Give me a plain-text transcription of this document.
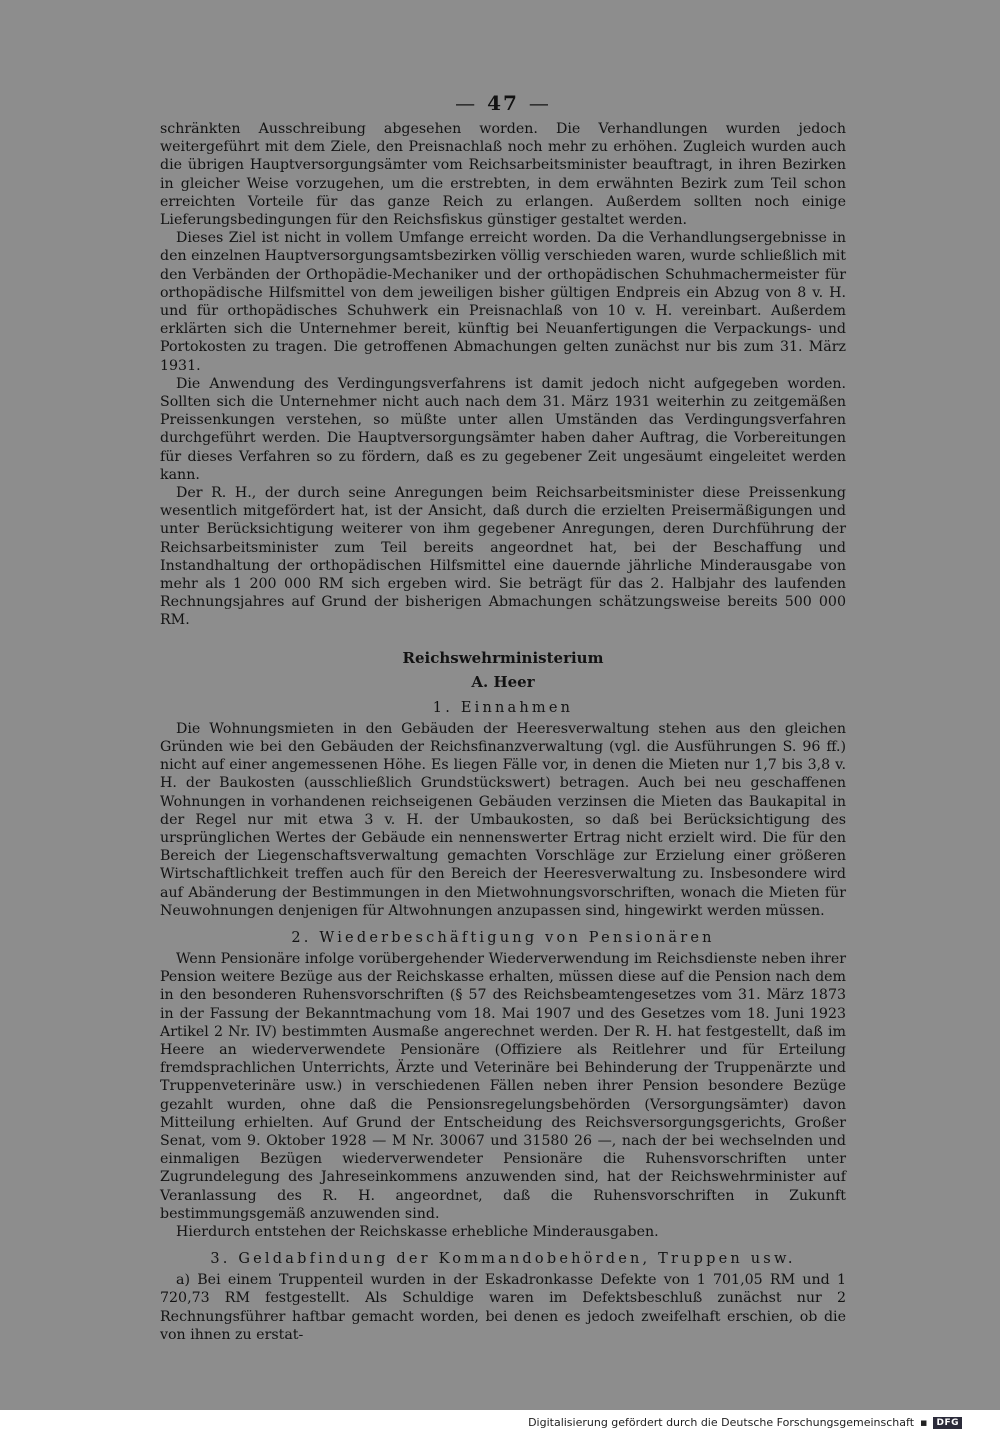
— 47 —

schränkten Ausschreibung abgesehen worden. Die Verhandlungen wurden jedoch weitergeführt mit dem Ziele, den Preisnachlaß noch mehr zu erhöhen. Zugleich wurden auch die übrigen Hauptversorgungsämter vom Reichsarbeitsminister beauftragt, in ihren Bezirken in gleicher Weise vorzugehen, um die erstrebten, in dem erwähnten Bezirk zum Teil schon erreichten Vorteile für das ganze Reich zu erlangen. Außerdem sollten noch einige Lieferungsbedingungen für den Reichsfiskus günstiger gestaltet werden.

Dieses Ziel ist nicht in vollem Umfange erreicht worden. Da die Verhandlungsergebnisse in den einzelnen Hauptversorgungsamtsbezirken völlig verschieden waren, wurde schließlich mit den Verbänden der Orthopädie-Mechaniker und der orthopädischen Schuhmachermeister für orthopädische Hilfsmittel von dem jeweiligen bisher gültigen Endpreis ein Abzug von 8 v. H. und für orthopädisches Schuhwerk ein Preisnachlaß von 10 v. H. vereinbart. Außerdem erklärten sich die Unternehmer bereit, künftig bei Neuanfertigungen die Verpackungs- und Portokosten zu tragen. Die getroffenen Abmachungen gelten zunächst nur bis zum 31. März 1931.

Die Anwendung des Verdingungsverfahrens ist damit jedoch nicht aufgegeben worden. Sollten sich die Unternehmer nicht auch nach dem 31. März 1931 weiterhin zu zeitgemäßen Preissenkungen verstehen, so müßte unter allen Umständen das Verdingungsverfahren durchgeführt werden. Die Hauptversorgungsämter haben daher Auftrag, die Vorbereitungen für dieses Verfahren so zu fördern, daß es zu gegebener Zeit ungesäumt eingeleitet werden kann.

Der R. H., der durch seine Anregungen beim Reichsarbeitsminister diese Preissenkung wesentlich mitgefördert hat, ist der Ansicht, daß durch die erzielten Preisermäßigungen und unter Berücksichtigung weiterer von ihm gegebener Anregungen, deren Durchführung der Reichsarbeitsminister zum Teil bereits angeordnet hat, bei der Beschaffung und Instandhaltung der orthopädischen Hilfsmittel eine dauernde jährliche Minderausgabe von mehr als 1 200 000 RM sich ergeben wird. Sie beträgt für das 2. Halbjahr des laufenden Rechnungsjahres auf Grund der bisherigen Abmachungen schätzungsweise bereits 500 000 RM.

Reichswehrministerium
A. Heer
1. Einnahmen

Die Wohnungsmieten in den Gebäuden der Heeresverwaltung stehen aus den gleichen Gründen wie bei den Gebäuden der Reichsfinanzverwaltung (vgl. die Ausführungen S. 96 ff.) nicht auf einer angemessenen Höhe. Es liegen Fälle vor, in denen die Mieten nur 1,7 bis 3,8 v. H. der Baukosten (ausschließlich Grundstückswert) betragen. Auch bei neu geschaffenen Wohnungen in vorhandenen reichseigenen Gebäuden verzinsen die Mieten das Baukapital in der Regel nur mit etwa 3 v. H. der Umbaukosten, so daß bei Berücksichtigung des ursprünglichen Wertes der Gebäude ein nennenswerter Ertrag nicht erzielt wird. Die für den Bereich der Liegenschaftsverwaltung gemachten Vorschläge zur Erzielung einer größeren Wirtschaftlichkeit treffen auch für den Bereich der Heeresverwaltung zu. Insbesondere wird auf Abänderung der Bestimmungen in den Mietwohnungsvorschriften, wonach die Mieten für Neuwohnungen denjenigen für Altwohnungen anzupassen sind, hingewirkt werden müssen.

2. Wiederbeschäftigung von Pensionären

Wenn Pensionäre infolge vorübergehender Wiederverwendung im Reichsdienste neben ihrer Pension weitere Bezüge aus der Reichskasse erhalten, müssen diese auf die Pension nach dem in den besonderen Ruhensvorschriften (§ 57 des Reichsbeamtengesetzes vom 31. März 1873 in der Fassung der Bekanntmachung vom 18. Mai 1907 und des Gesetzes vom 18. Juni 1923 Artikel 2 Nr. IV) bestimmten Ausmaße angerechnet werden. Der R. H. hat festgestellt, daß im Heere an wiederverwendete Pensionäre (Offiziere als Reitlehrer und für Erteilung fremdsprachlichen Unterrichts, Ärzte und Veterinäre bei Behinderung der Truppenärzte und Truppenveterinäre usw.) in verschiedenen Fällen neben ihrer Pension besondere Bezüge gezahlt wurden, ohne daß die Pensionsregelungsbehörden (Versorgungsämter) davon Mitteilung erhielten. Auf Grund der Entscheidung des Reichsversorgungsgerichts, Großer Senat, vom 9. Oktober 1928 — M Nr. 30067 und 31580 26 —, nach der bei wechselnden und einmaligen Bezügen wiederverwendeter Pensionäre die Ruhensvorschriften unter Zugrundelegung des Jahreseinkommens anzuwenden sind, hat der Reichswehrminister auf Veranlassung des R. H. angeordnet, daß die Ruhensvorschriften in Zukunft bestimmungsgemäß anzuwenden sind.

Hierdurch entstehen der Reichskasse erhebliche Minderausgaben.

3. Geldabfindung der Kommandobehörden, Truppen usw.

a) Bei einem Truppenteil wurden in der Eskadronkasse Defekte von 1 701,05 RM und 1 720,73 RM festgestellt. Als Schuldige waren im Defektsbeschluß zunächst nur 2 Rechnungsführer haftbar gemacht worden, bei denen es jedoch zweifelhaft erschien, ob die von ihnen zu erstat-

Digitalisierung gefördert durch die Deutsche Forschungsgemeinschaft ▪	DFG
